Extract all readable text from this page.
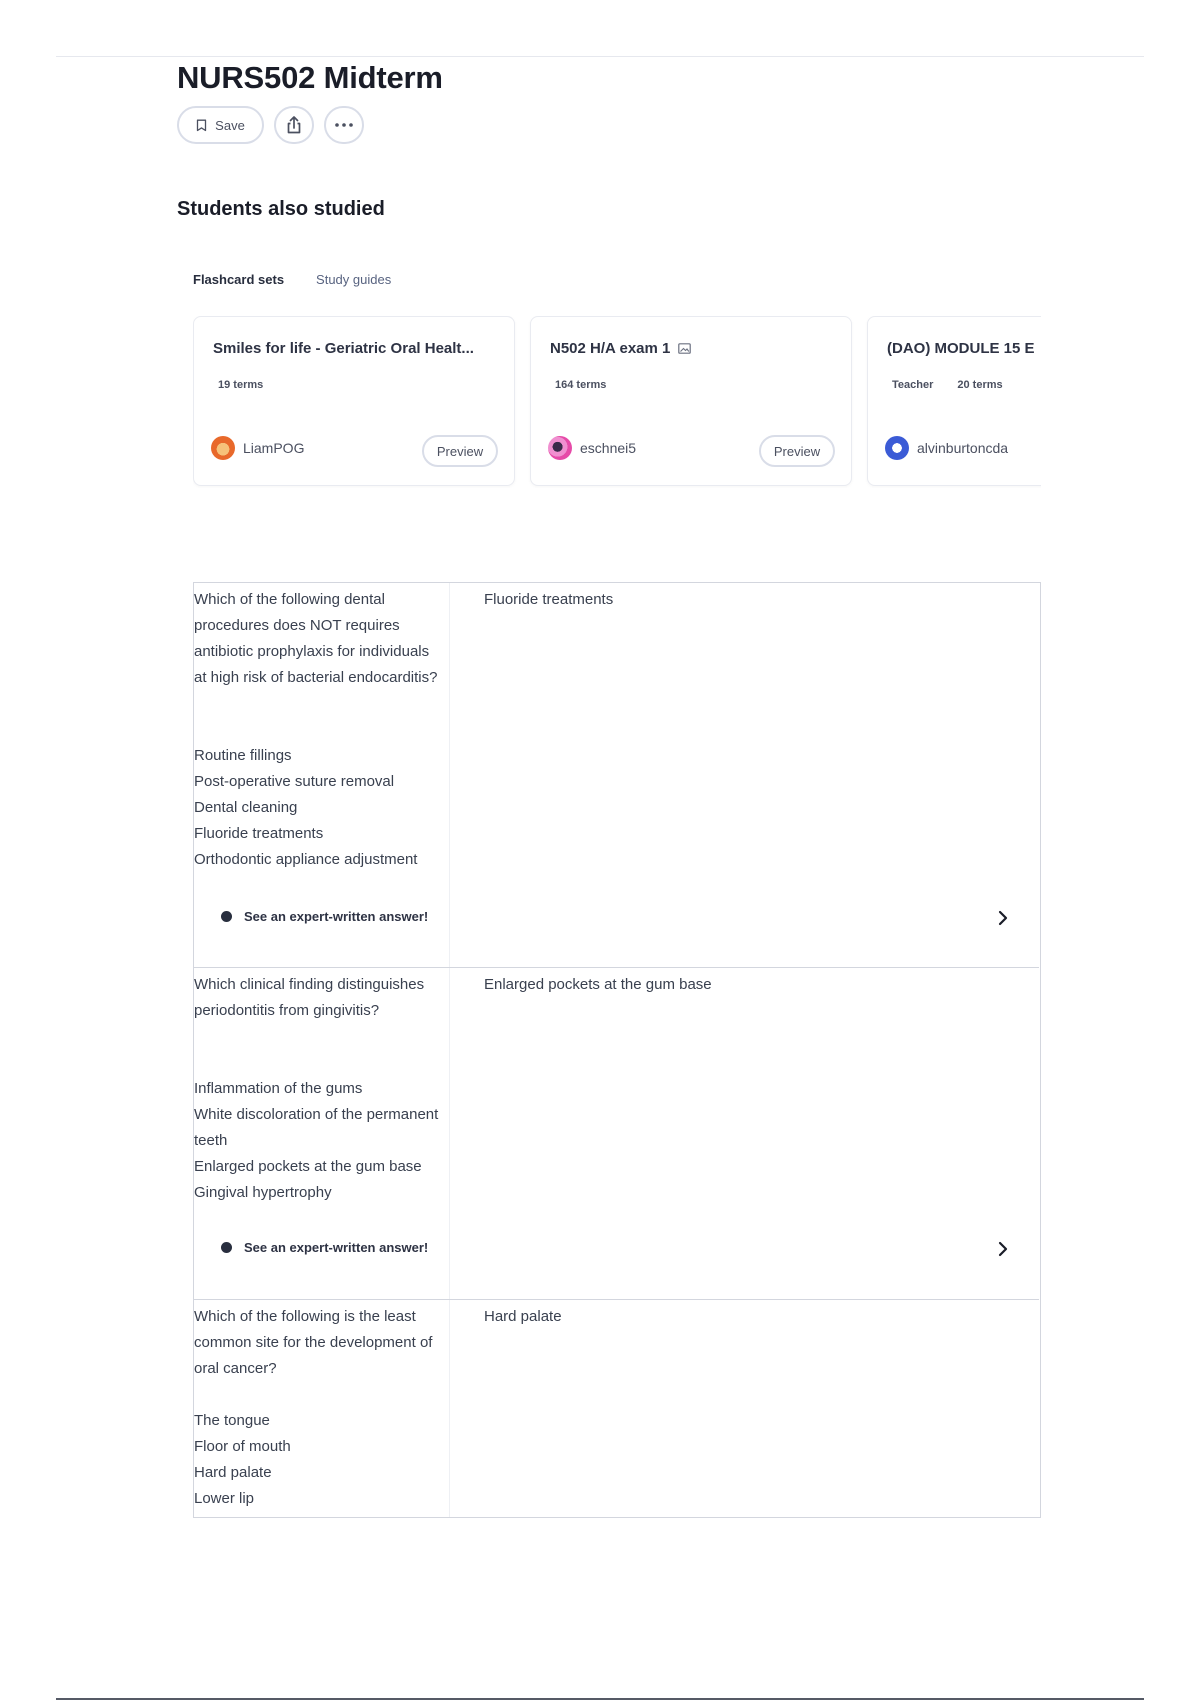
NURS502 Midterm
Save
Students also studied
Flashcard sets Study guides
Smiles for life - Geriatric Oral Healt...
19 terms
LiamPOG	Preview
N502 H/A exam 1
164 terms
eschnei5	Preview
(DAO) MODULE 15 E
Teacher 20 terms
alvinburtoncda
Which of the following dental procedures does NOT requires antibiotic prophylaxis for individuals at high risk of bacterial endocarditis?
Routine fillings
Post-operative suture removal
Dental cleaning
Fluoride treatments
Orthodontic appliance adjustment
Fluoride treatments
See an expert-written answer!
Which clinical finding distinguishes periodontitis from gingivitis?
Inflammation of the gums
White discoloration of the permanent teeth
Enlarged pockets at the gum base
Gingival hypertrophy
Enlarged pockets at the gum base
See an expert-written answer!
Which of the following is the least common site for the development of oral cancer?
The tongue
Floor of mouth
Hard palate
Lower lip
Hard palate
